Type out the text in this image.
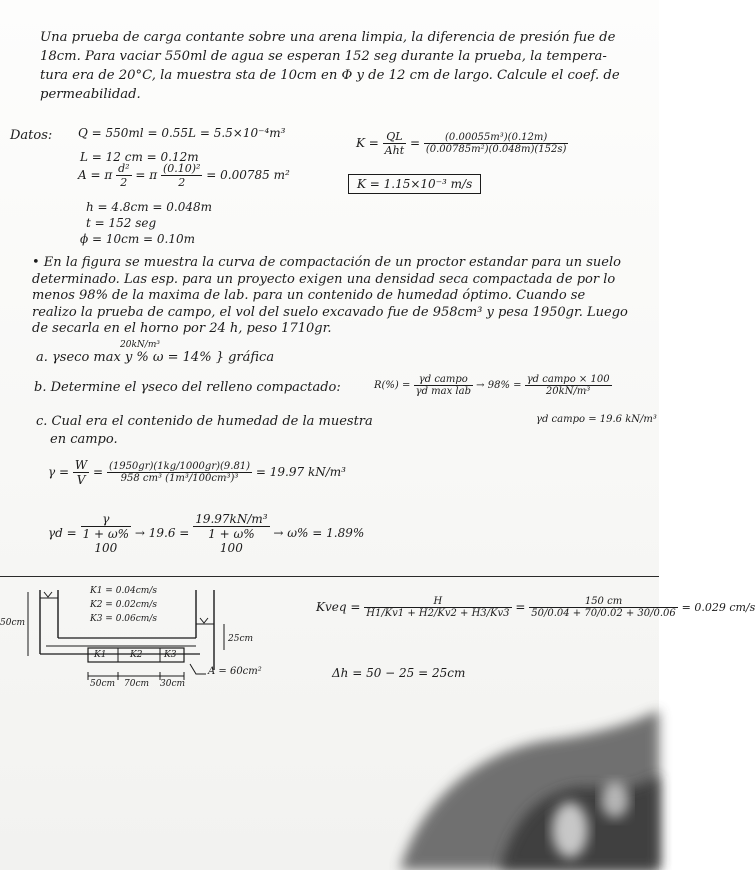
Una prueba de carga contante sobre una arena limpia, la diferencia de presión fue de 18cm. Para vaciar 550ml de agua se esperan 152 seg durante la prueba, la tempera-tura era de 20°C, la muestra sta de 10cm en Φ y de 12 cm de largo. Calcule el coef. de permeabilidad.
Datos: Q = 550ml = 0.55L = 5.5×10⁻⁴m³
L = 12 cm = 0.12m
A = π $\frac{\text{d²}}{2} = \pi \frac{\text{(0.10)²}}{2} = 0.00785$ m²
h = 4.8cm = 0.048m
t = 152 seg
ϕ = 10cm = 0.10m
$K = \frac{QL}{\text{Aht}} = \frac{\text{(0.00055m³)(0.12m)}}{\text{(0.00785m²)(0.048m)(152s)}}$
K = 1.15×10⁻³ m/s
• En la figura se muestra la curva de compactación de un proctor estandar para un suelo determinado. Las esp. para un proyecto exigen una densidad seca compactada de por lo menos 98% de la maxima de lab. para un contenido de humedad óptimo. Cuando se realizo la prueba de campo, el vol del suelo excavado fue de 958cm³ y pesa 1950gr. Luego de secarla en el horno por 24 h, peso 1710gr.
a.
20kN/m³
γseco max y % ω = 14% } gráfica
b. Determine el γseco del relleno compactado:	$R(\%) = \frac{\text{γd campo}}{\text{γd max lab}} \to 98\% = \frac{\text{γd campo × 100}}{\text{20kN/m³}}$
γd campo = 19.6 kN/m³
c. Cual era el contenido de humedad de la muestra
en campo.
$\gamma = \frac{W}{V} = \frac{(1950gr)(1kg/1000gr)(9.81)}{\text{958 cm³ (1m³/100cm³)³}} = 19.97$ kN/m³
γd =
γ
1 + ω%
100
→ 19.6 =
19.97kN/m³
1 + ω%
100
→ ω% = 1.89%
K1 = 0.04cm/s
K2 = 0.02cm/s
K3 = 0.06cm/s
50cm
25cm
K1	K2 K3
50cm 70cm 30cm
A = 60cm²
Kveq = $\frac{H}{H1/Kv1 + H2/Kv2 + H3/Kv3} = \frac{150 cm}{50/0.04 + 70/0.02 + 30/0.06} = 0.029$ cm/s
Δh = 50 − 25 = 25cm
